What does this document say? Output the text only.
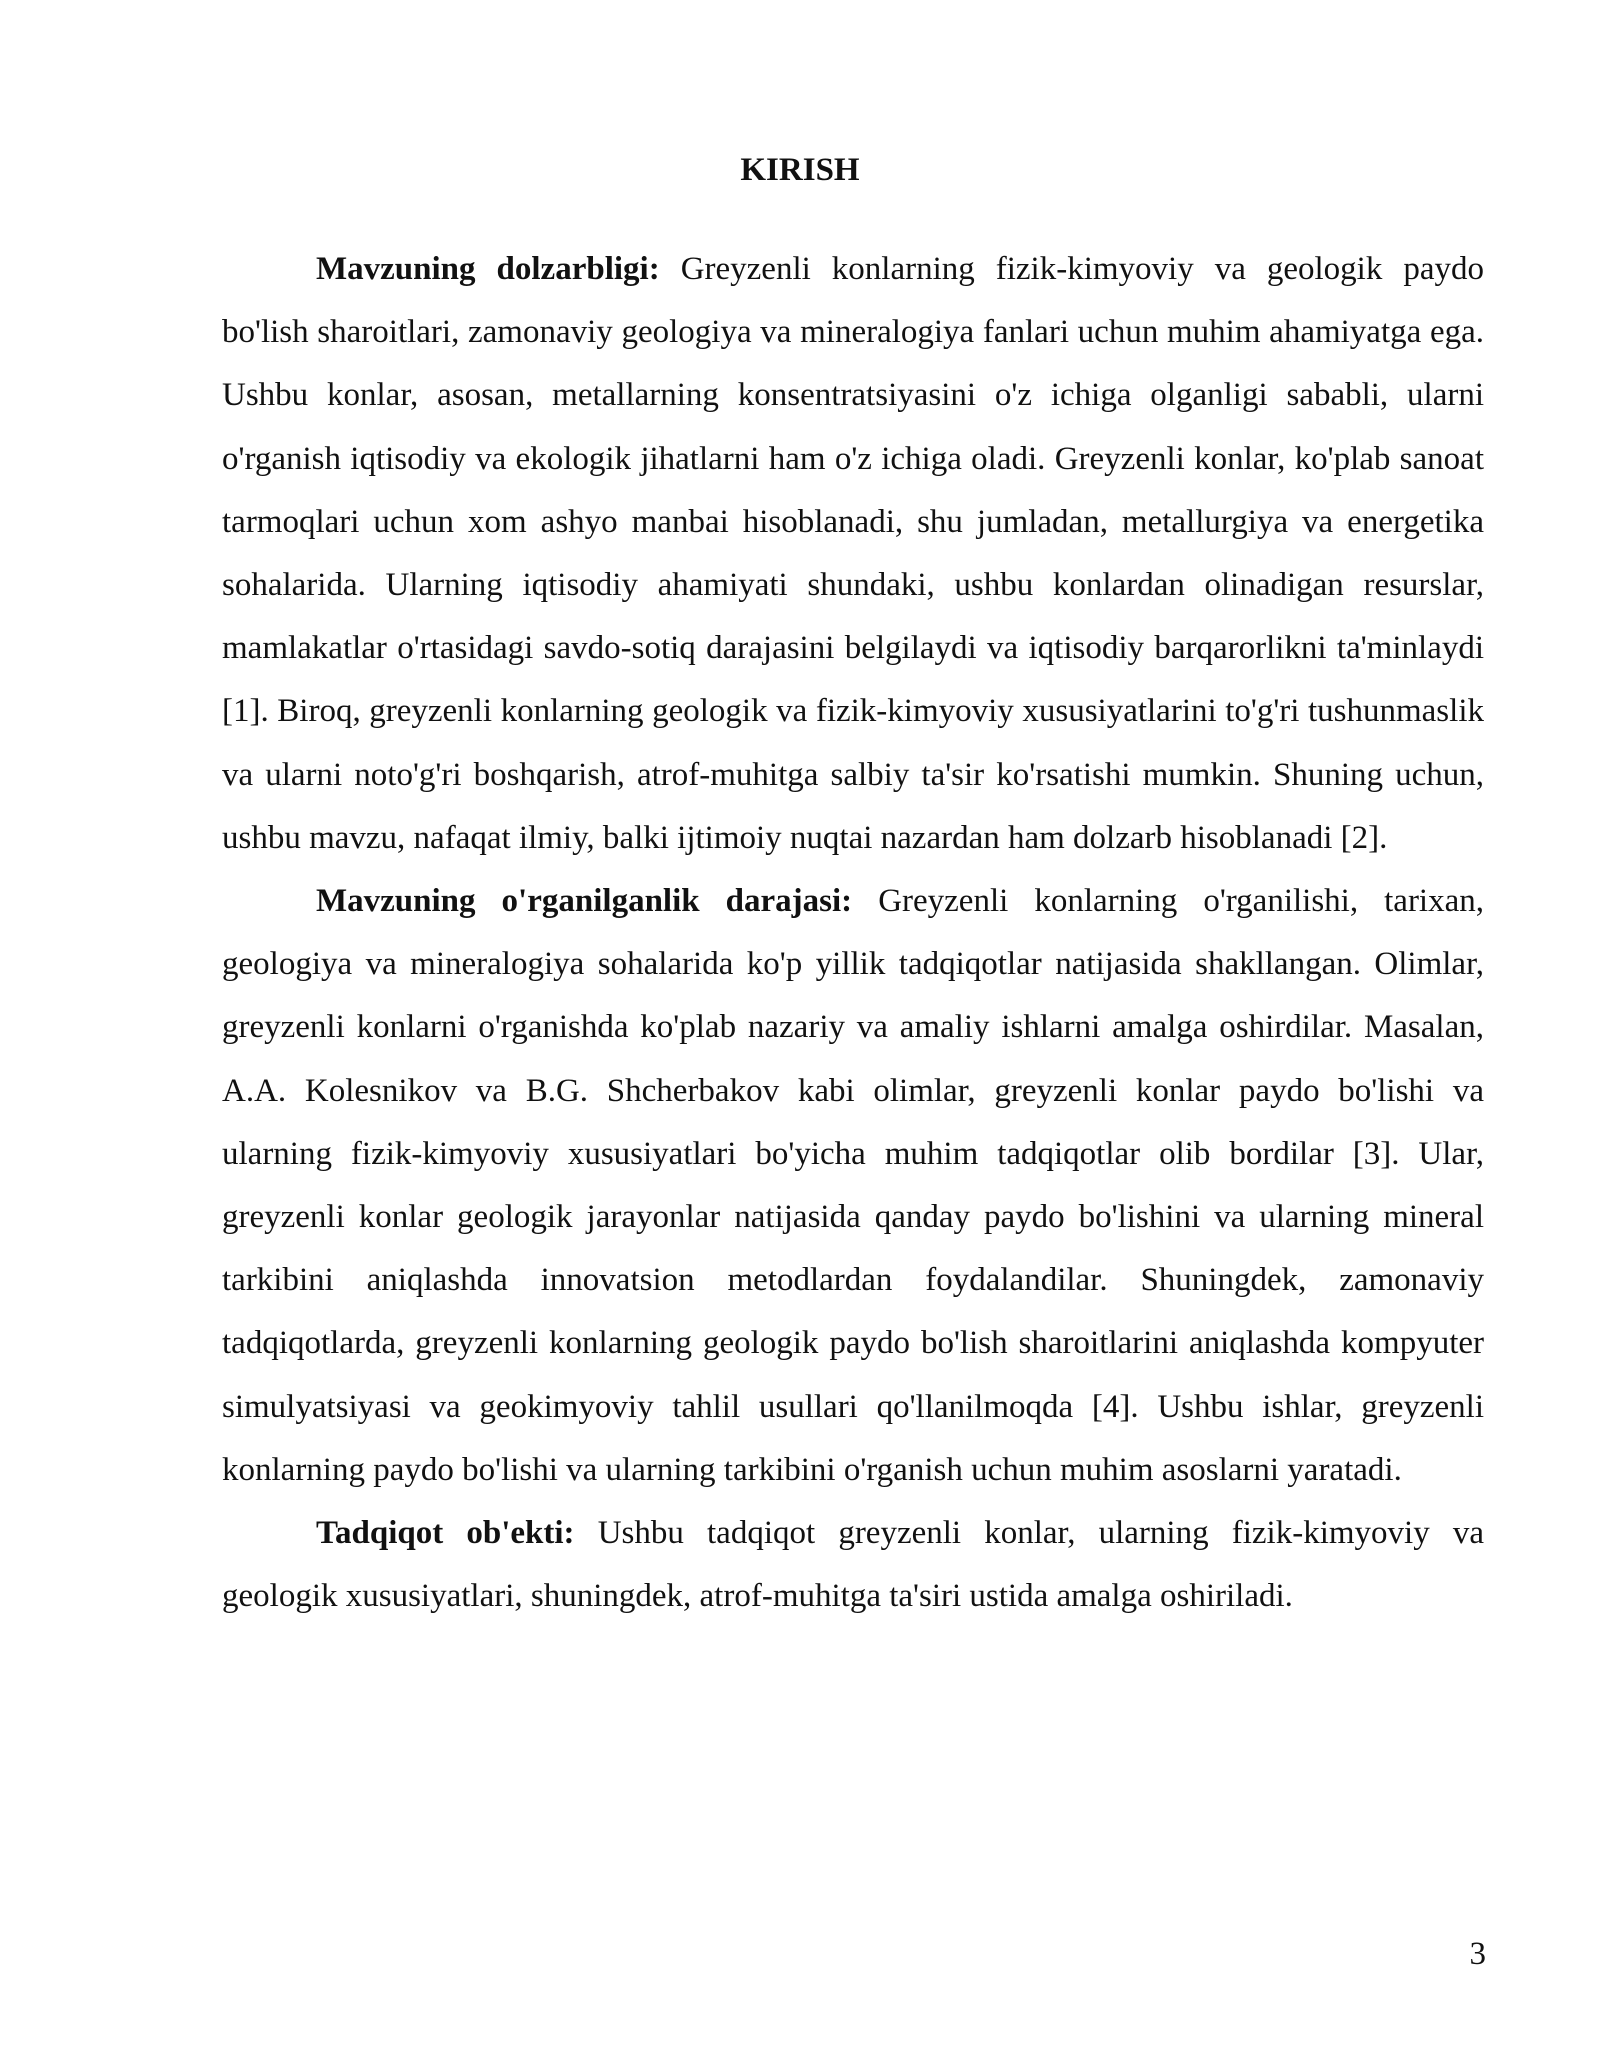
KIRISH

Mavzuning dolzarbligi: Greyzenli konlarning fizik-kimyoviy va geologik paydo bo'lish sharoitlari, zamonaviy geologiya va mineralogiya fanlari uchun muhim ahamiyatga ega. Ushbu konlar, asosan, metallarning konsentratsiyasini o'z ichiga olganligi sababli, ularni o'rganish iqtisodiy va ekologik jihatlarni ham o'z ichiga oladi. Greyzenli konlar, ko'plab sanoat tarmoqlari uchun xom ashyo manbai hisoblanadi, shu jumladan, metallurgiya va energetika sohalarida. Ularning iqtisodiy ahamiyati shundaki, ushbu konlardan olinadigan resurslar, mamlakatlar o'rtasidagi savdo-sotiq darajasini belgilaydi va iqtisodiy barqarorlikni ta'minlaydi [1]. Biroq, greyzenli konlarning geologik va fizik-kimyoviy xususiyatlarini to'g'ri tushunmaslik va ularni noto'g'ri boshqarish, atrof-muhitga salbiy ta'sir ko'rsatishi mumkin. Shuning uchun, ushbu mavzu, nafaqat ilmiy, balki ijtimoiy nuqtai nazardan ham dolzarb hisoblanadi [2].

Mavzuning o'rganilganlik darajasi: Greyzenli konlarning o'rganilishi, tarixan, geologiya va mineralogiya sohalarida ko'p yillik tadqiqotlar natijasida shakllangan. Olimlar, greyzenli konlarni o'rganishda ko'plab nazariy va amaliy ishlarni amalga oshirdilar. Masalan, A.A. Kolesnikov va B.G. Shcherbakov kabi olimlar, greyzenli konlar paydo bo'lishi va ularning fizik-kimyoviy xususiyatlari bo'yicha muhim tadqiqotlar olib bordilar [3]. Ular, greyzenli konlar geologik jarayonlar natijasida qanday paydo bo'lishini va ularning mineral tarkibini aniqlashda innovatsion metodlardan foydalandilar. Shuningdek, zamonaviy tadqiqotlarda, greyzenli konlarning geologik paydo bo'lish sharoitlarini aniqlashda kompyuter simulyatsiyasi va geokimyoviy tahlil usullari qo'llanilmoqda [4]. Ushbu ishlar, greyzenli konlarning paydo bo'lishi va ularning tarkibini o'rganish uchun muhim asoslarni yaratadi.

Tadqiqot ob'ekti: Ushbu tadqiqot greyzenli konlar, ularning fizik-kimyoviy va geologik xususiyatlari, shuningdek, atrof-muhitga ta'siri ustida amalga oshiriladi.

3
